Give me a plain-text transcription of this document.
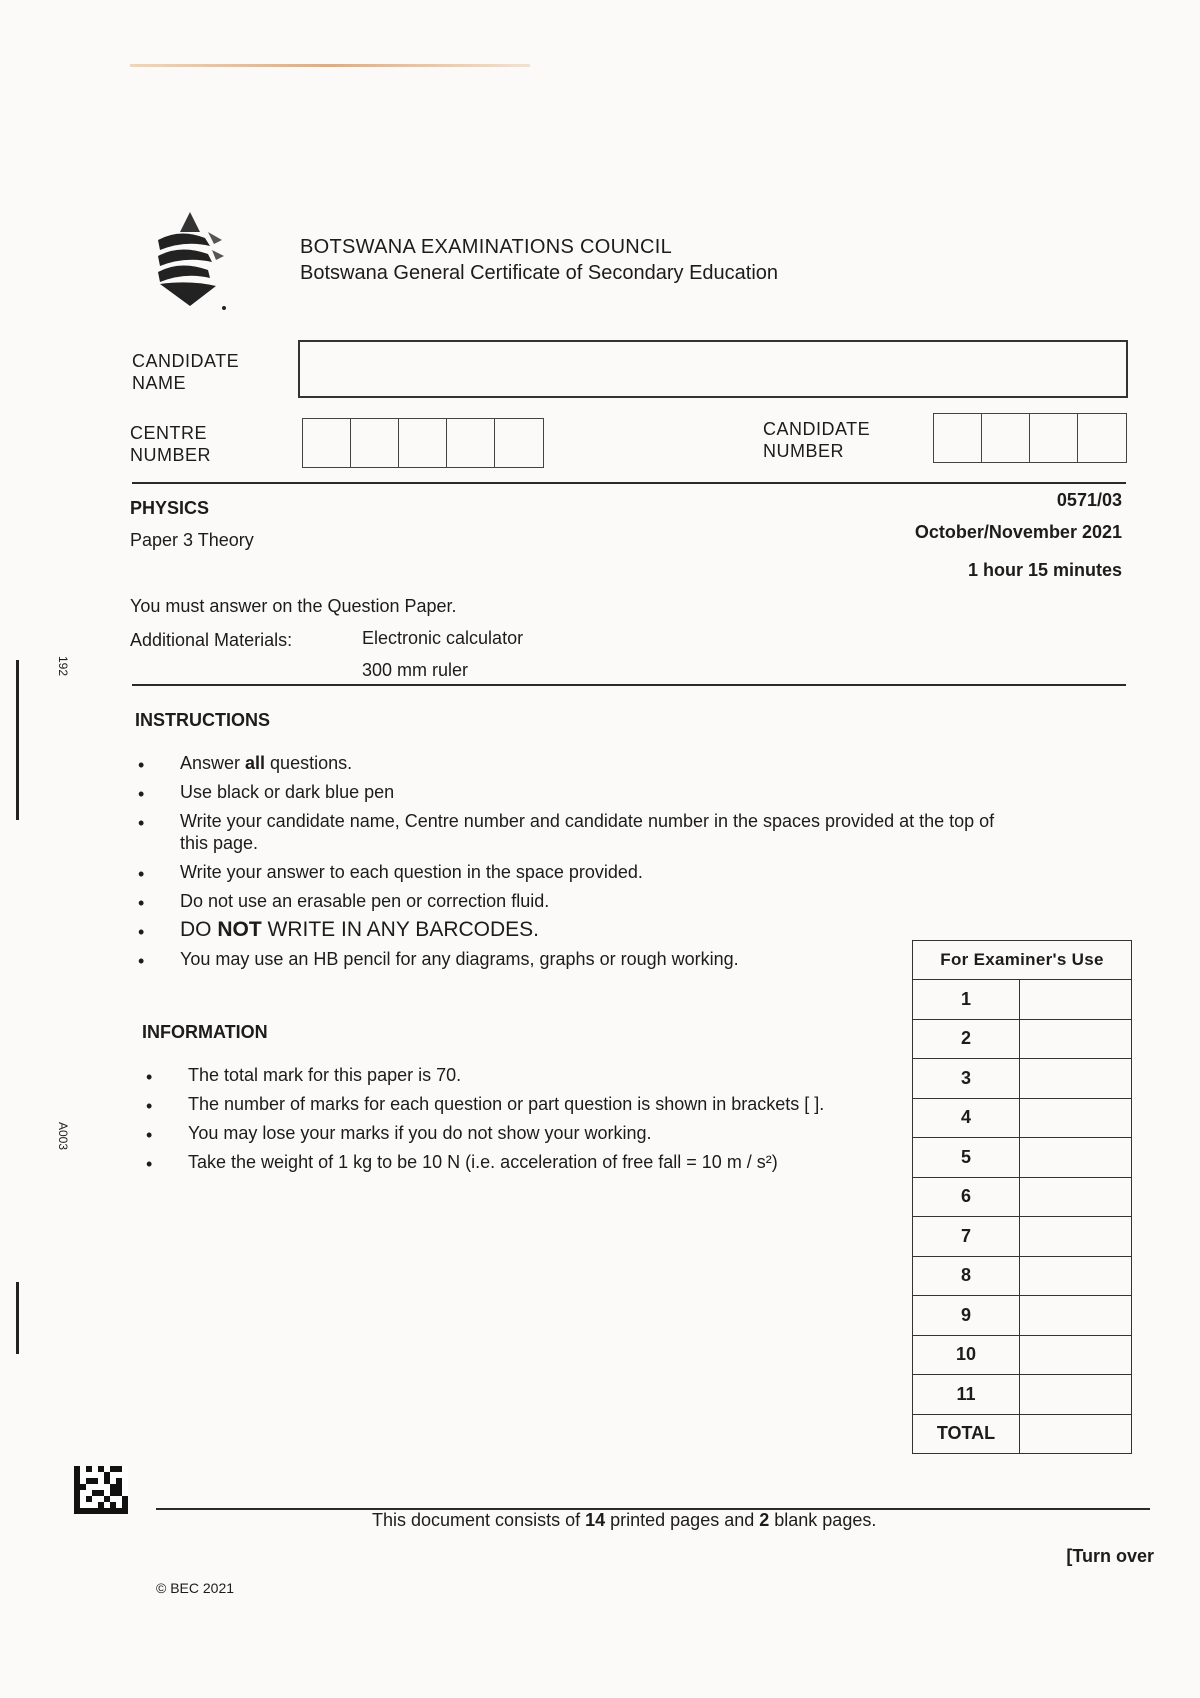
BOTSWANA EXAMINATIONS COUNCIL
Botswana General Certificate of Secondary Education
CANDIDATE
NAME
CENTRE
NUMBER
CANDIDATE
NUMBER
PHYSICS
Paper 3 Theory
0571/03
October/November 2021
1 hour 15 minutes
You must answer on the Question Paper.
Additional Materials:	Electronic calculator
300 mm ruler
INSTRUCTIONS
• Answer all questions.
• Use black or dark blue pen
• Write your candidate name, Centre number and candidate number in the spaces provided at the top of this page.
• Write your answer to each question in the space provided.
• Do not use an erasable pen or correction fluid.
• DO NOT WRITE IN ANY BARCODES.
• You may use an HB pencil for any diagrams, graphs or rough working.
INFORMATION
• The total mark for this paper is 70.
• The number of marks for each question or part question is shown in brackets [ ].
• You may lose your marks if you do not show your working.
• Take the weight of 1 kg to be 10 N (i.e. acceleration of free fall = 10 m / s²)
For Examiner's Use	
1	
2	
3	
4	
5	
6	
7	
8	
9	
10	
11	
TOTAL	
This document consists of 14 printed pages and 2 blank pages.
[Turn over
© BEC 2021
192
A003
